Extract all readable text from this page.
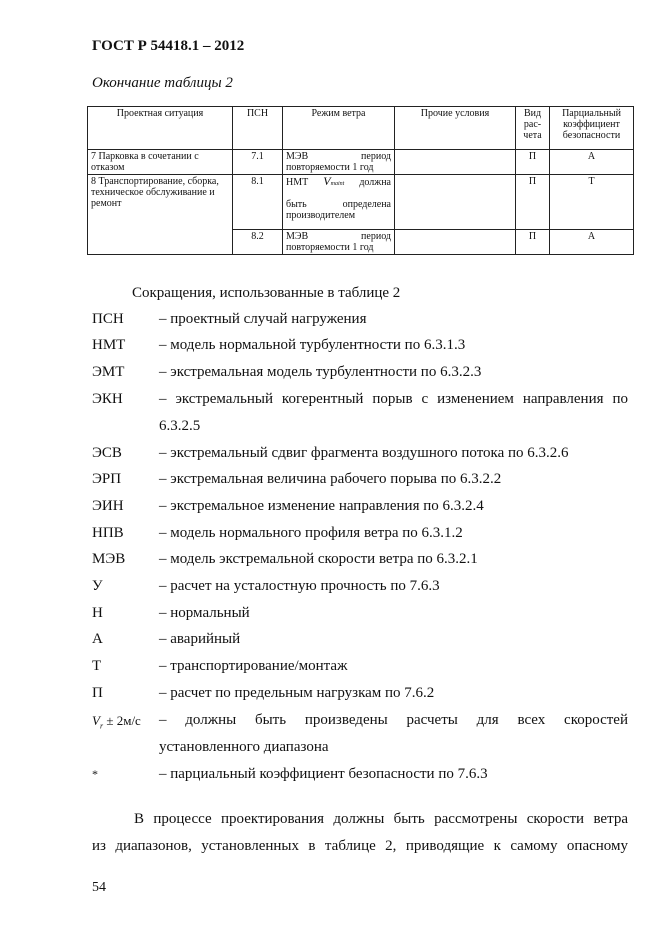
ГОСТ Р 54418.1 – 2012
Окончание таблицы 2
Проектная ситуация	ПСН	Режим ветра	Прочие условия	Вид рас-чета	Парциальный коэффициент безопасности
7 Парковка в сочетании с отказом	7.1	МЭВ период
повторяемости 1 год		П	А
8 Транспортирование, сборка, техническое обслуживание и ремонт	8.1	НМТ Vmaint должна
быть определена
производителем		П	Т
	8.2	МЭВ период
повторяемости 1 год		П	А
Сокращения, использованные в таблице 2
ПСН – проектный случай нагружения
НМТ – модель нормальной турбулентности по 6.3.1.3
ЭМТ – экстремальная модель турбулентности по 6.3.2.3
ЭКН – экстремальный когерентный порыв с изменением направления по
6.3.2.5
ЭСВ – экстремальный сдвиг фрагмента воздушного потока по 6.3.2.6
ЭРП	– экстремальная величина рабочего порыва по 6.3.2.2
ЭИН – экстремальное изменение направления по 6.3.2.4
НПВ – модель нормального профиля ветра по 6.3.1.2
МЭВ – модель экстремальной скорости ветра по 6.3.2.1
У	– расчет на усталостную прочность по 7.6.3
Н	– нормальный
А	– аварийный
Т	– транспортирование/монтаж
П	– расчет по предельным нагрузкам по 7.6.2
$V_r \pm 2м/с$ – должны быть произведены расчеты для всех скоростей
установленного диапазона
*	– парциальный коэффициент безопасности по 7.6.3
В процессе проектирования должны быть рассмотрены скорости ветра
из диапазонов, установленных в таблице 2, приводящие к самому опасному
54
